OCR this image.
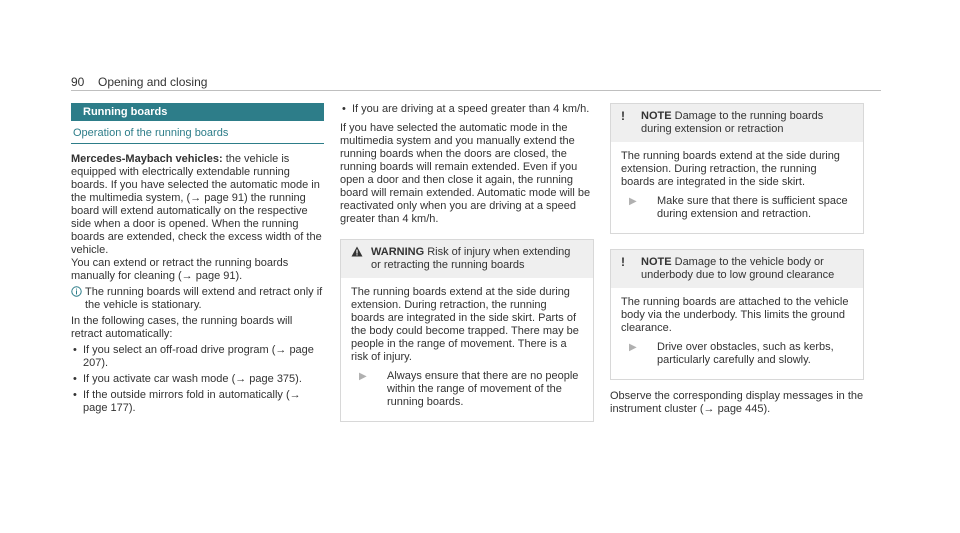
90 Opening and closing
Running boards
Operation of the running boards

Mercedes-Maybach vehicles: the vehicle is equipped with electrically extendable running boards. If you have selected the automatic mode in the multimedia system, (→ page 91) the running board will extend automatically on the respective side when a door is opened. When the running boards are extended, check the excess width of the vehicle.

You can extend or retract the running boards manually for cleaning (→ page 91).

The running boards will extend and retract only if the vehicle is stationary.

In the following cases, the running boards will retract automatically:

•
If you select an off-road drive program (→ page 207).
•
If you activate car wash mode (→ page 375).
•
If the outside mirrors fold in automatically (→ page 177).
•
If you are driving at a speed greater than 4 km/h.

If you have selected the automatic mode in the multimedia system and you manually extend the running boards when the doors are closed, the running boards will remain extended. Even if you open a door and then close it again, the running board will remain extended. Automatic mode will be reactivated only when you are driving at a speed greater than 4 km/h.

WARNING Risk of injury when extending or retracting the running boards

The running boards extend at the side during extension. During retraction, the running boards are integrated in the side skirt. Parts of the body could become trapped. There may be people in the range of movement. There is a risk of injury.

▶	Always ensure that there are no people within the range of movement of the running boards.
!	NOTE Damage to the running boards during extension or retraction

The running boards extend at the side during extension. During retraction, the running boards are integrated in the side skirt.

▶	Make sure that there is sufficient space during extension and retraction.
!	NOTE Damage to the vehicle body or underbody due to low ground clearance

The running boards are attached to the vehicle body via the underbody. This limits the ground clearance.

▶	Drive over obstacles, such as kerbs, particularly carefully and slowly.

Observe the corresponding display messages in the instrument cluster (→ page 445).
